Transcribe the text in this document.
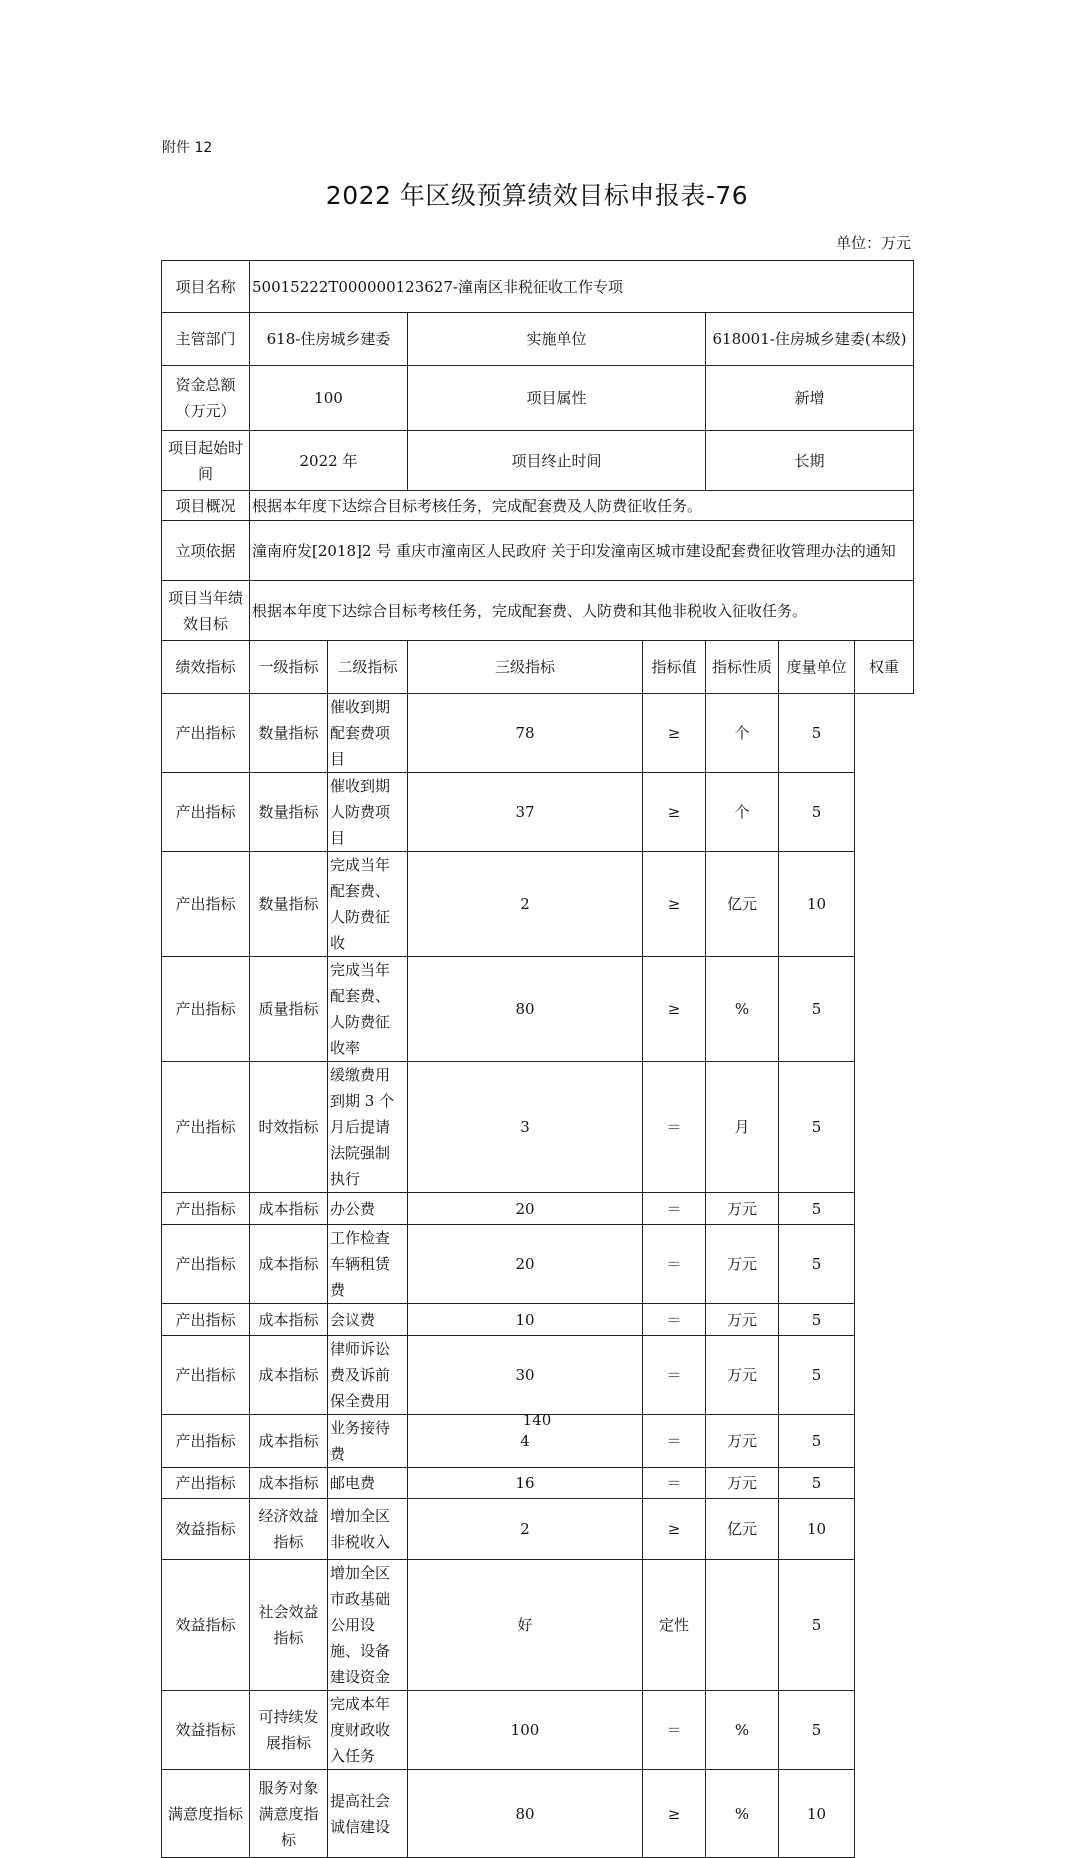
附件 12
2022 年区级预算绩效目标申报表-76
单位：万元
项目名称	50015222T000000123627-潼南区非税征收工作专项						
主管部门	618-住房城乡建委		实施单位		618001-住房城乡建委(本级)		
资金总额（万元）	100		项目属性		新增		
项目起始时间	2022 年		项目终止时间		长期		
项目概况	根据本年度下达综合目标考核任务，完成配套费及人防费征收任务。						
立项依据	潼南府发[2018]2 号 重庆市潼南区人民政府 关于印发潼南区城市建设配套费征收管理办法的通知						
项目当年绩效目标	根据本年度下达综合目标考核任务，完成配套费、人防费和其他非税收入征收任务。						
绩效指标	一级指标	二级指标	三级指标	指标值	指标性质	度量单位	权重
产出指标	数量指标	催收到期配套费项目	78	≥	个	5	
产出指标	数量指标	催收到期人防费项目	37	≥	个	5	
产出指标	数量指标	完成当年配套费、人防费征收	2	≥	亿元	10	
产出指标	质量指标	完成当年配套费、人防费征收率	80	≥	%	5	
产出指标	时效指标	缓缴费用到期 3 个月后提请法院强制执行	3	＝	月	5	
产出指标	成本指标	办公费	20	＝	万元	5	
产出指标	成本指标	工作检查车辆租赁费	20	＝	万元	5	
产出指标	成本指标	会议费	10	＝	万元	5	
产出指标	成本指标	律师诉讼费及诉前保全费用	30	＝	万元	5	
产出指标	成本指标	业务接待费	4	＝	万元	5	
产出指标	成本指标	邮电费	16	＝	万元	5	
效益指标	经济效益指标	增加全区非税收入	2	≥	亿元	10	
效益指标	社会效益指标	增加全区市政基础公用设施、设备建设资金	好	定性		5	
效益指标	可持续发展指标	完成本年度财政收入任务	100	＝	%	5	
满意度指标	服务对象满意度指标	提高社会诚信建设	80	≥	%	10	
140
